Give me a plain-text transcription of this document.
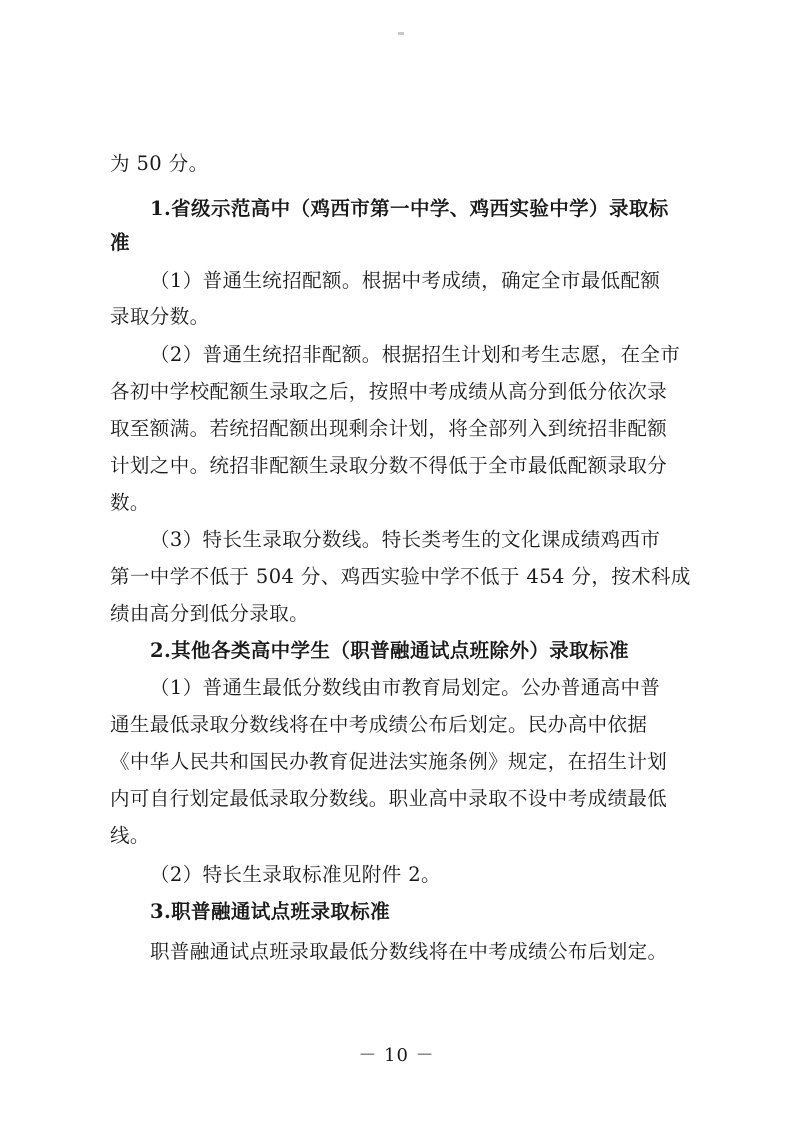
为 50 分。
1.省级示范高中（鸡西市第一中学、鸡西实验中学）录取标
准
（1）普通生统招配额。根据中考成绩，确定全市最低配额
录取分数。
（2）普通生统招非配额。根据招生计划和考生志愿，在全市
各初中学校配额生录取之后，按照中考成绩从高分到低分依次录
取至额满。若统招配额出现剩余计划，将全部列入到统招非配额
计划之中。统招非配额生录取分数不得低于全市最低配额录取分
数。
（3）特长生录取分数线。特长类考生的文化课成绩鸡西市
第一中学不低于 504 分、鸡西实验中学不低于 454 分，按术科成
绩由高分到低分录取。
2.其他各类高中学生（职普融通试点班除外）录取标准
（1）普通生最低分数线由市教育局划定。公办普通高中普
通生最低录取分数线将在中考成绩公布后划定。民办高中依据
《中华人民共和国民办教育促进法实施条例》规定，在招生计划
内可自行划定最低录取分数线。职业高中录取不设中考成绩最低
线。
（2）特长生录取标准见附件 2。
3.职普融通试点班录取标准
职普融通试点班录取最低分数线将在中考成绩公布后划定。
－ 10 －
